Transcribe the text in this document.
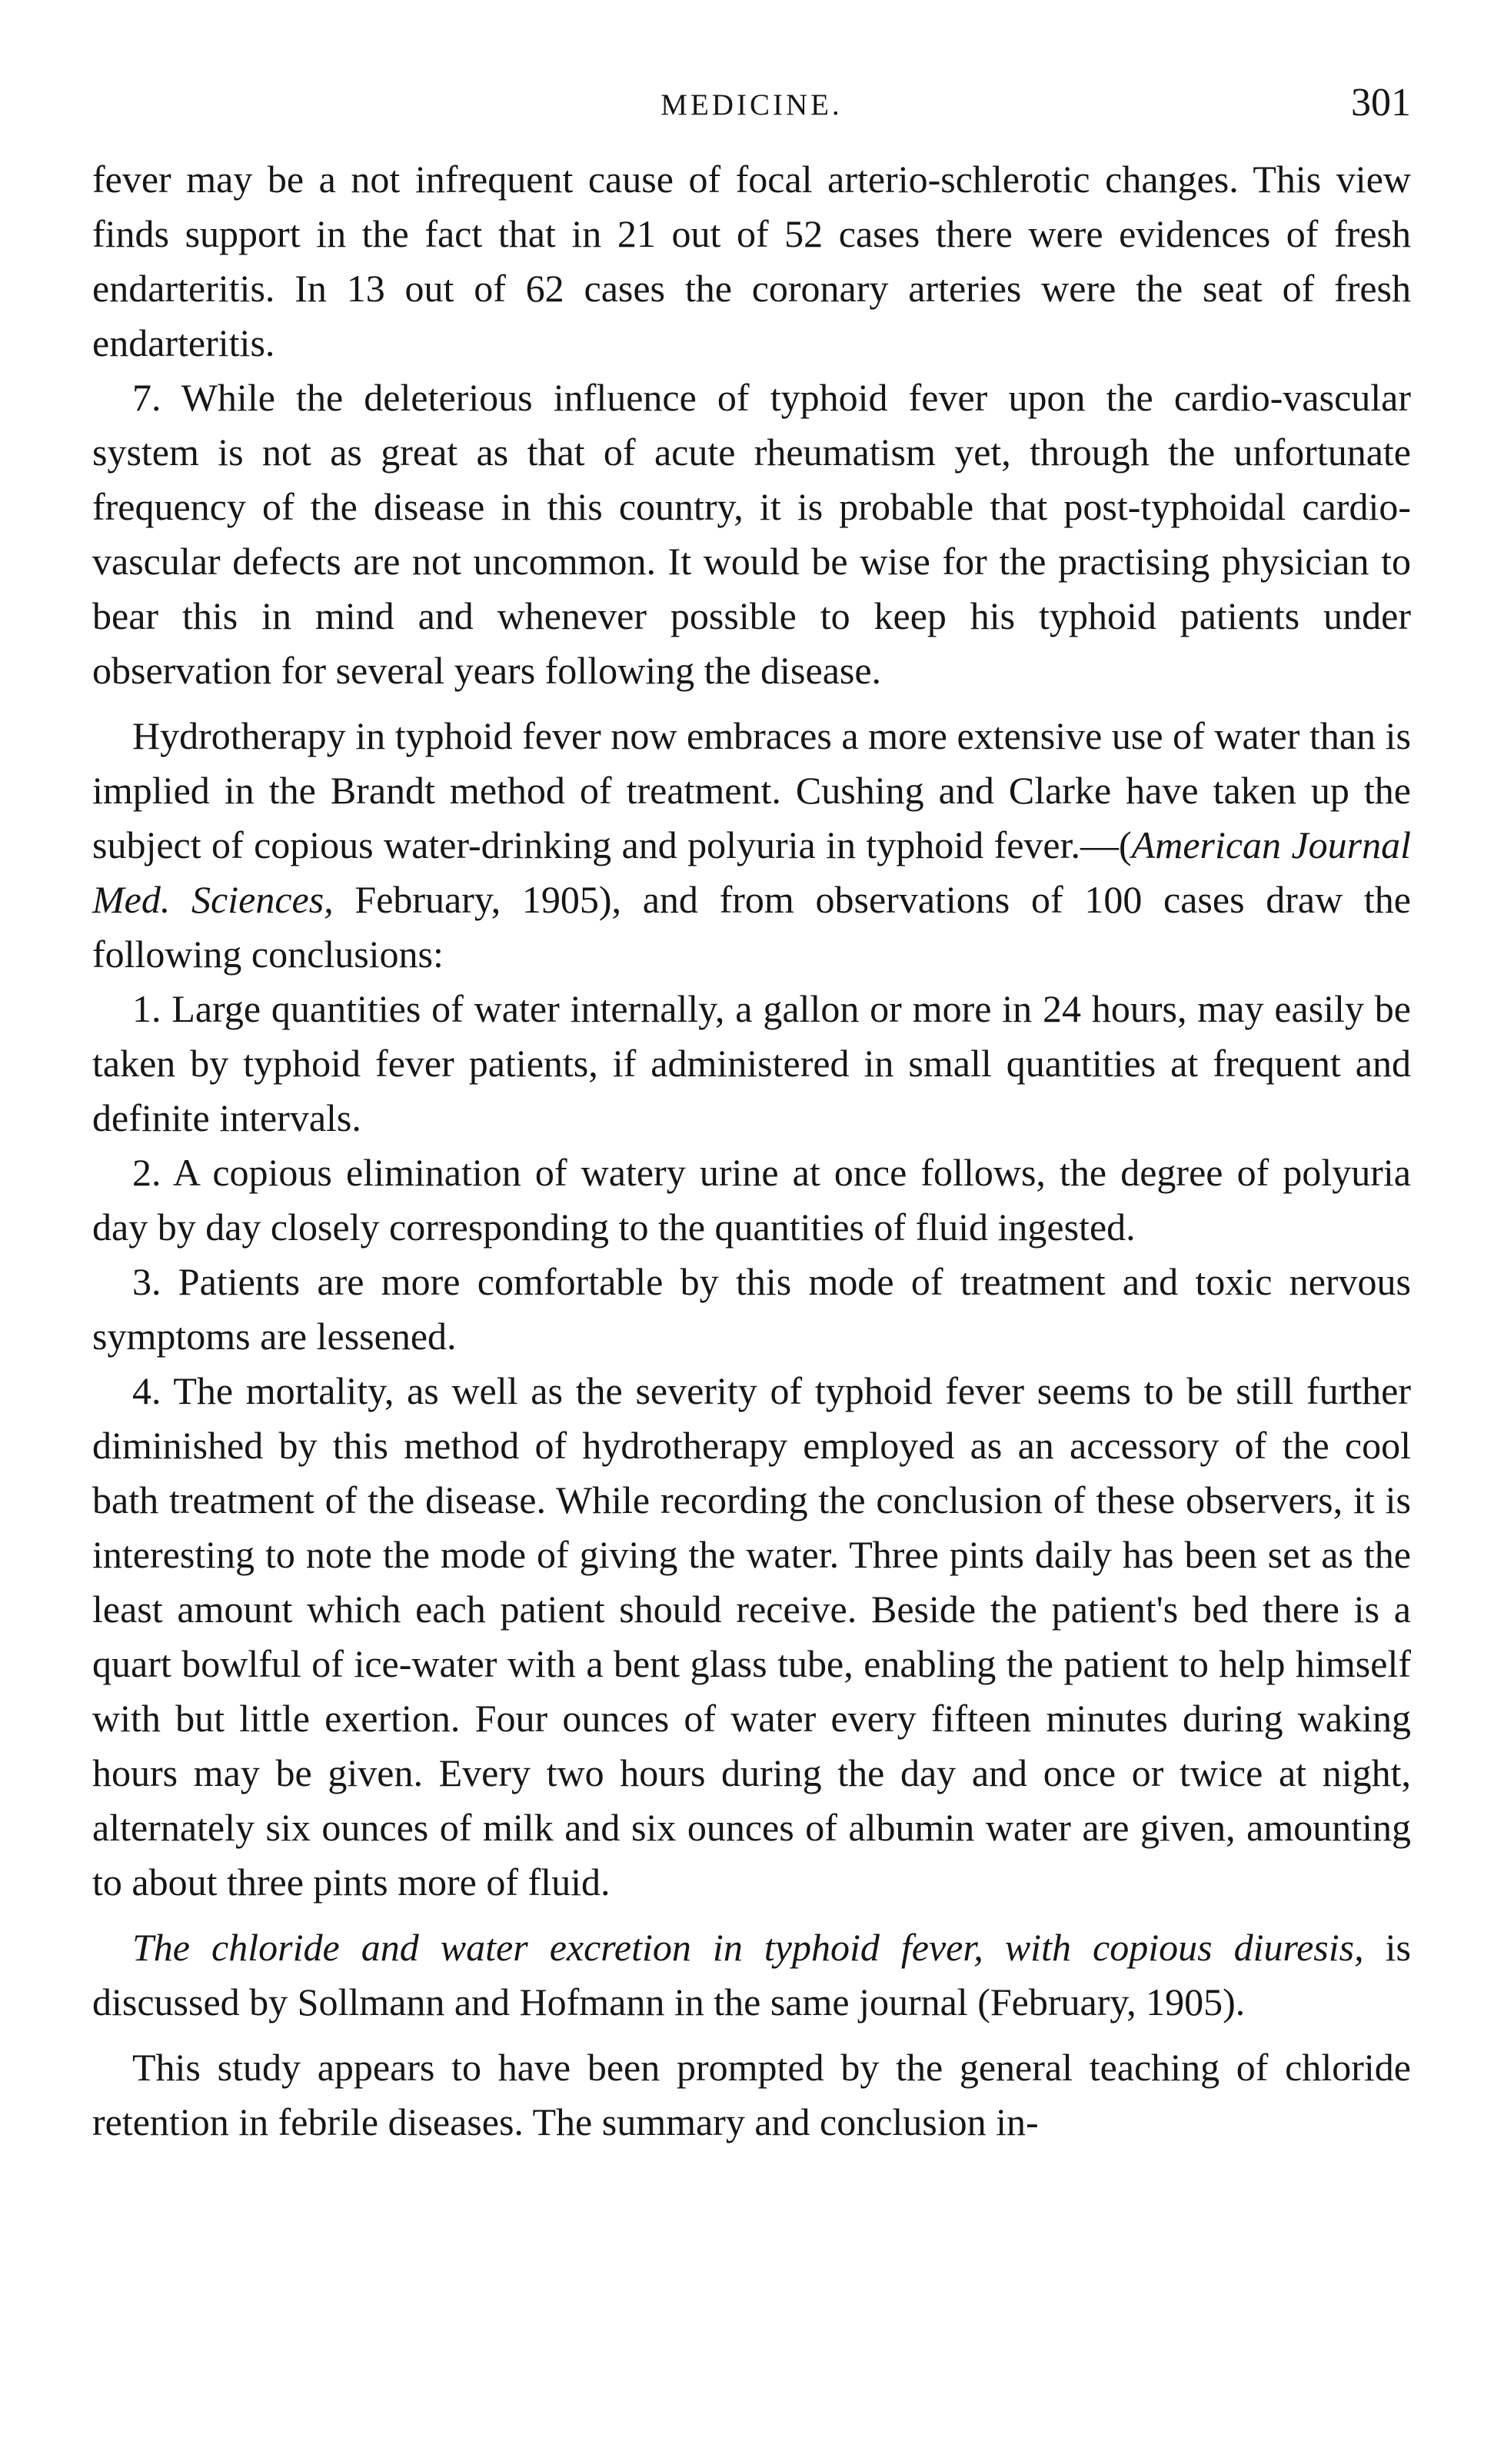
MEDICINE.	301

fever may be a not infrequent cause of focal arterio-schlerotic changes. This view finds support in the fact that in 21 out of 52 cases there were evidences of fresh endarteritis. In 13 out of 62 cases the coronary arteries were the seat of fresh endarteritis.

7. While the deleterious influence of typhoid fever upon the cardio-vascular system is not as great as that of acute rheumatism yet, through the unfortunate frequency of the disease in this country, it is probable that post-typhoidal cardio-vascular defects are not uncommon. It would be wise for the practising physician to bear this in mind and whenever possible to keep his typhoid patients under observation for several years following the disease.

Hydrotherapy in typhoid fever now embraces a more extensive use of water than is implied in the Brandt method of treatment. Cushing and Clarke have taken up the subject of copious water-drinking and polyuria in typhoid fever.—(American Journal Med. Sciences, February, 1905), and from observations of 100 cases draw the following conclusions:

1. Large quantities of water internally, a gallon or more in 24 hours, may easily be taken by typhoid fever patients, if administered in small quantities at frequent and definite intervals.

2. A copious elimination of watery urine at once follows, the degree of polyuria day by day closely corresponding to the quantities of fluid ingested.

3. Patients are more comfortable by this mode of treatment and toxic nervous symptoms are lessened.

4. The mortality, as well as the severity of typhoid fever seems to be still further diminished by this method of hydrotherapy employed as an accessory of the cool bath treatment of the disease. While recording the conclusion of these observers, it is interesting to note the mode of giving the water. Three pints daily has been set as the least amount which each patient should receive. Beside the patient's bed there is a quart bowlful of ice-water with a bent glass tube, enabling the patient to help himself with but little exertion. Four ounces of water every fifteen minutes during waking hours may be given. Every two hours during the day and once or twice at night, alternately six ounces of milk and six ounces of albumin water are given, amounting to about three pints more of fluid.

The chloride and water excretion in typhoid fever, with copious diuresis, is discussed by Sollmann and Hofmann in the same journal (February, 1905).

This study appears to have been prompted by the general teaching of chloride retention in febrile diseases. The summary and conclusion in-
